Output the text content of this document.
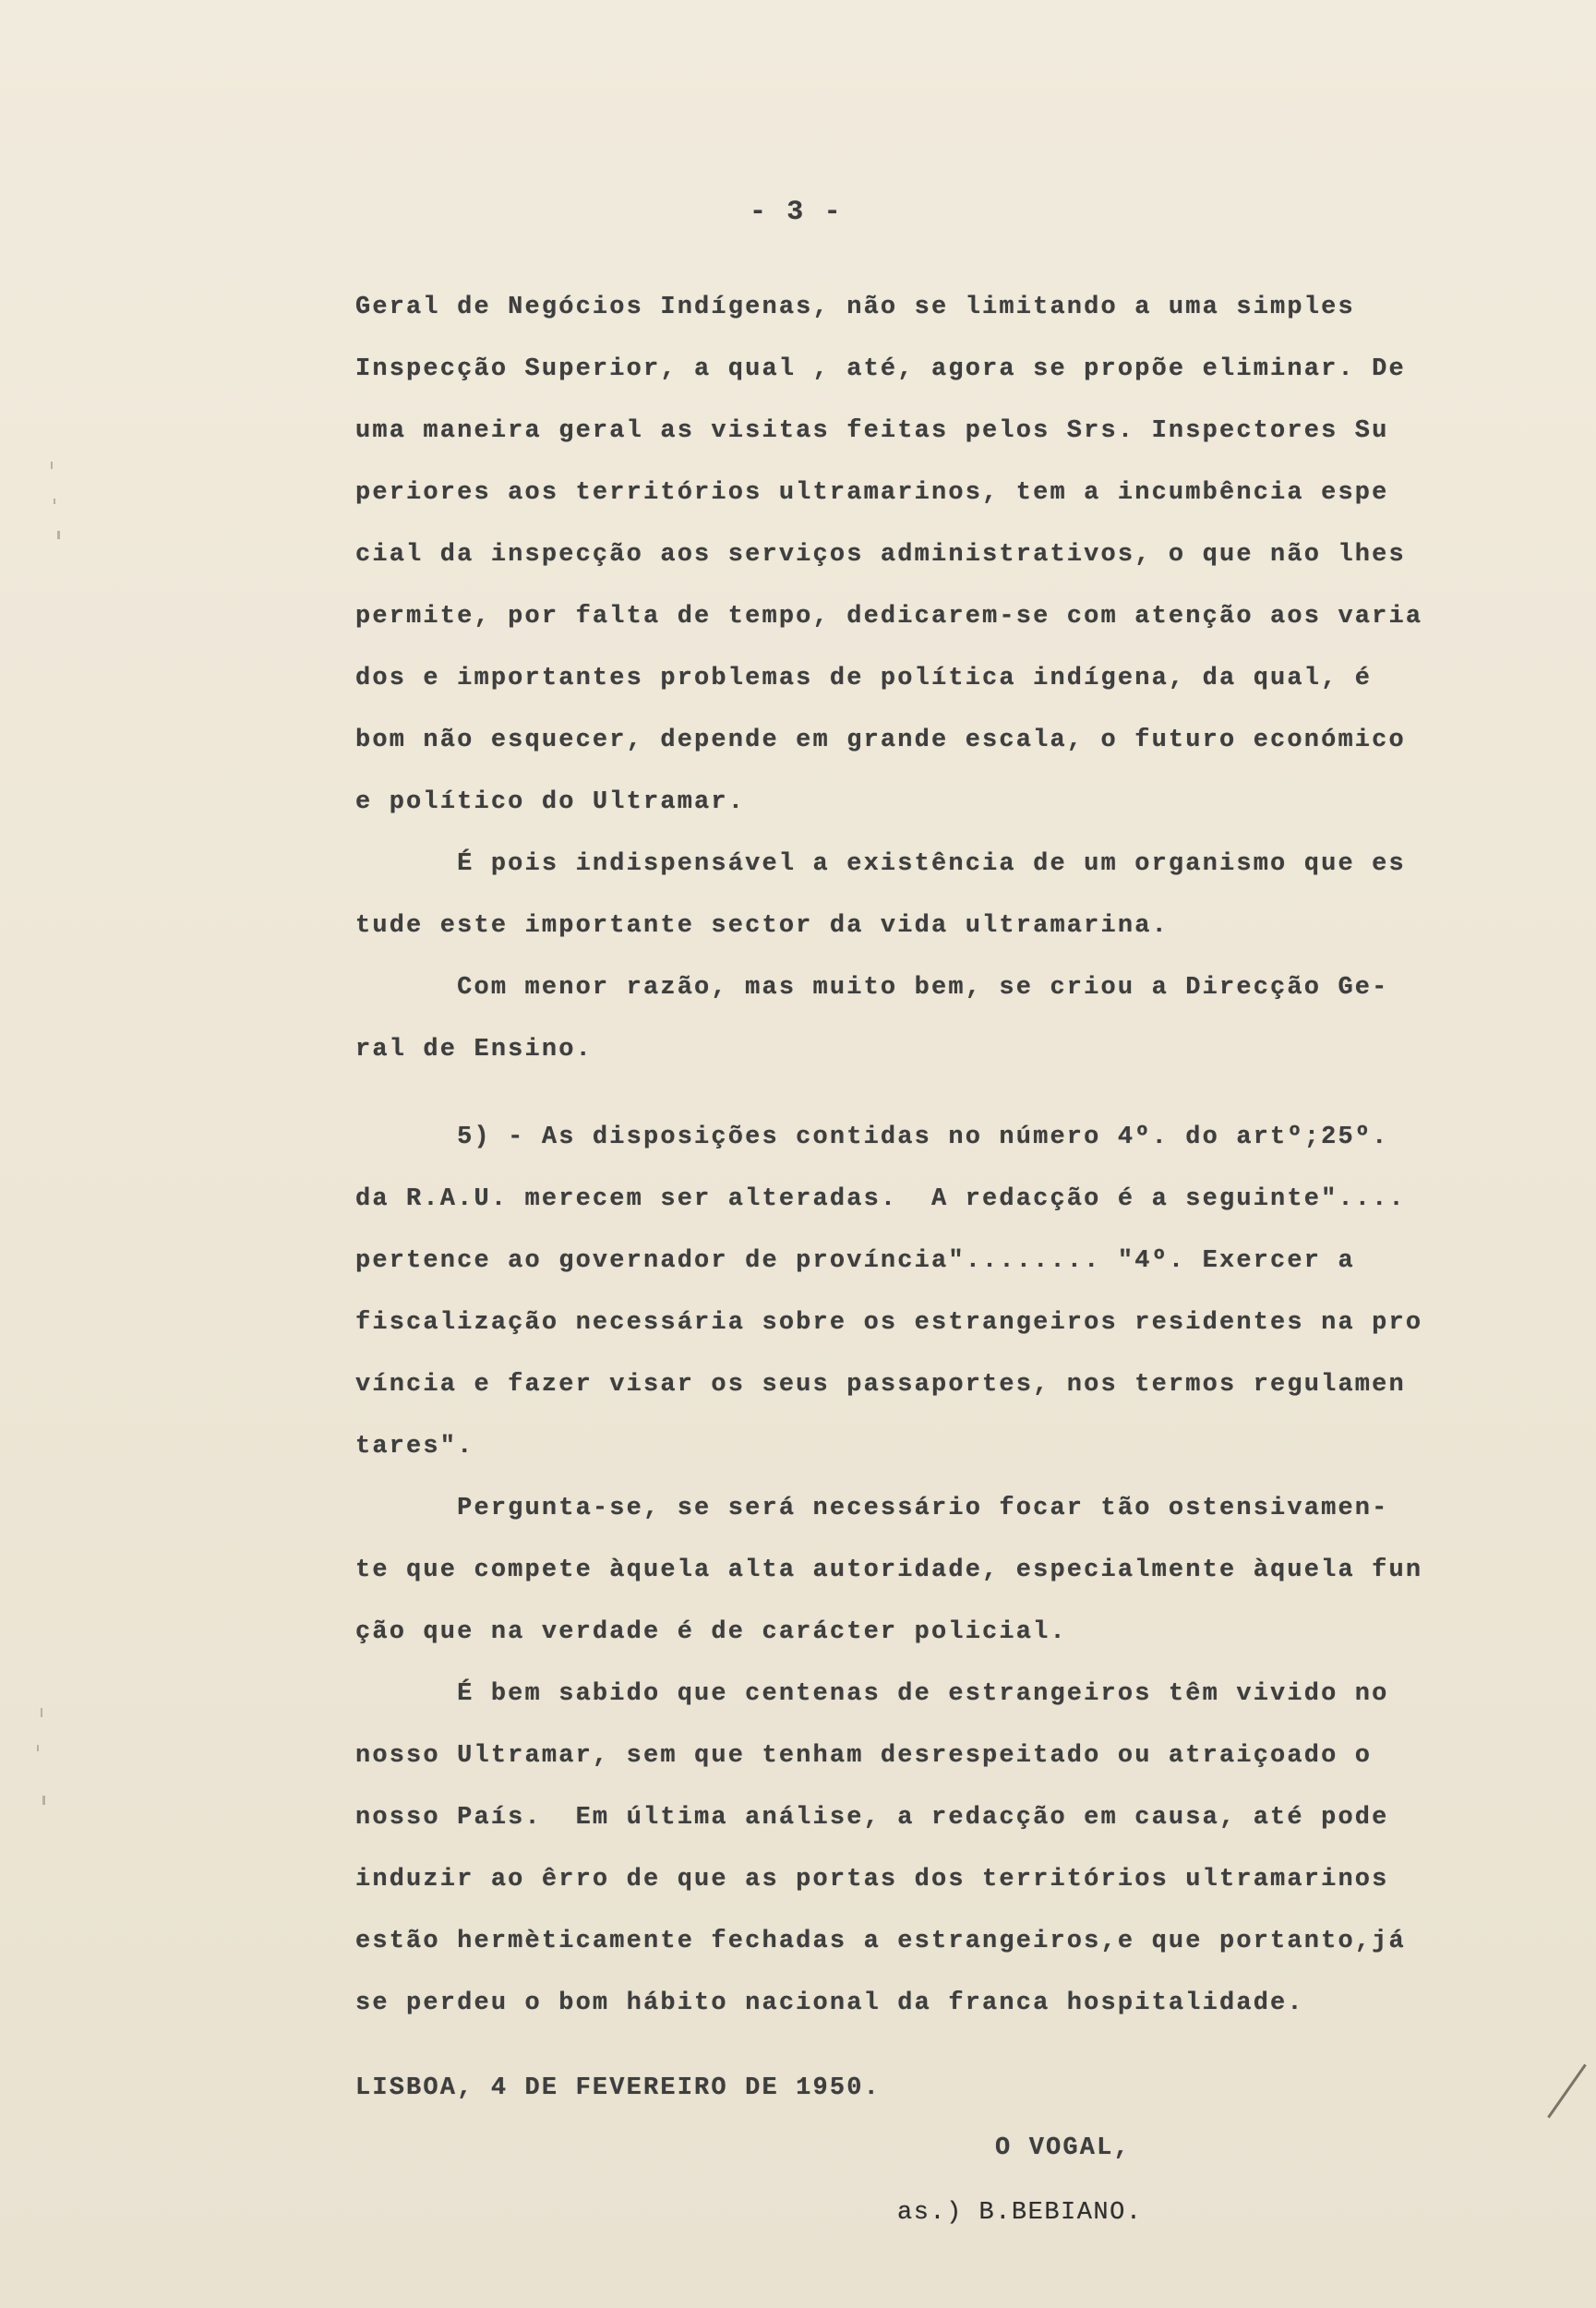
- 3 -
Geral de Negócios Indígenas, não se limitando a uma simples
Inspecção Superior, a qual , até, agora se propõe eliminar. De
uma maneira geral as visitas feitas pelos Srs. Inspectores Su
periores aos territórios ultramarinos, tem a incumbência espe
cial da inspecção aos serviços administrativos, o que não lhes
permite, por falta de tempo, dedicarem-se com atenção aos varia
dos e importantes problemas de política indígena, da qual, é
bom não esquecer, depende em grande escala, o futuro económico
e político do Ultramar.
É pois indispensável a existência de um organismo que es
tude este importante sector da vida ultramarina.
Com menor razão, mas muito bem, se criou a Direcção Ge-
ral de Ensino.
5) - As disposições contidas no número 4º. do artº;25º.
da R.A.U. merecem ser alteradas.  A redacção é a seguinte"....
pertence ao governador de província"........ "4º. Exercer a
fiscalização necessária sobre os estrangeiros residentes na pro
víncia e fazer visar os seus passaportes, nos termos regulamen
tares".
Pergunta-se, se será necessário focar tão ostensivamen-
te que compete àquela alta autoridade, especialmente àquela fun
ção que na verdade é de carácter policial.
É bem sabido que centenas de estrangeiros têm vivido no
nosso Ultramar, sem que tenham desrespeitado ou atraiçoado o
nosso País.  Em última análise, a redacção em causa, até pode
induzir ao êrro de que as portas dos territórios ultramarinos
estão hermèticamente fechadas a estrangeiros,e que portanto,já
se perdeu o bom hábito nacional da franca hospitalidade.
LISBOA, 4 DE FEVEREIRO DE 1950.
O VOGAL,
as.) B.BEBIANO.
